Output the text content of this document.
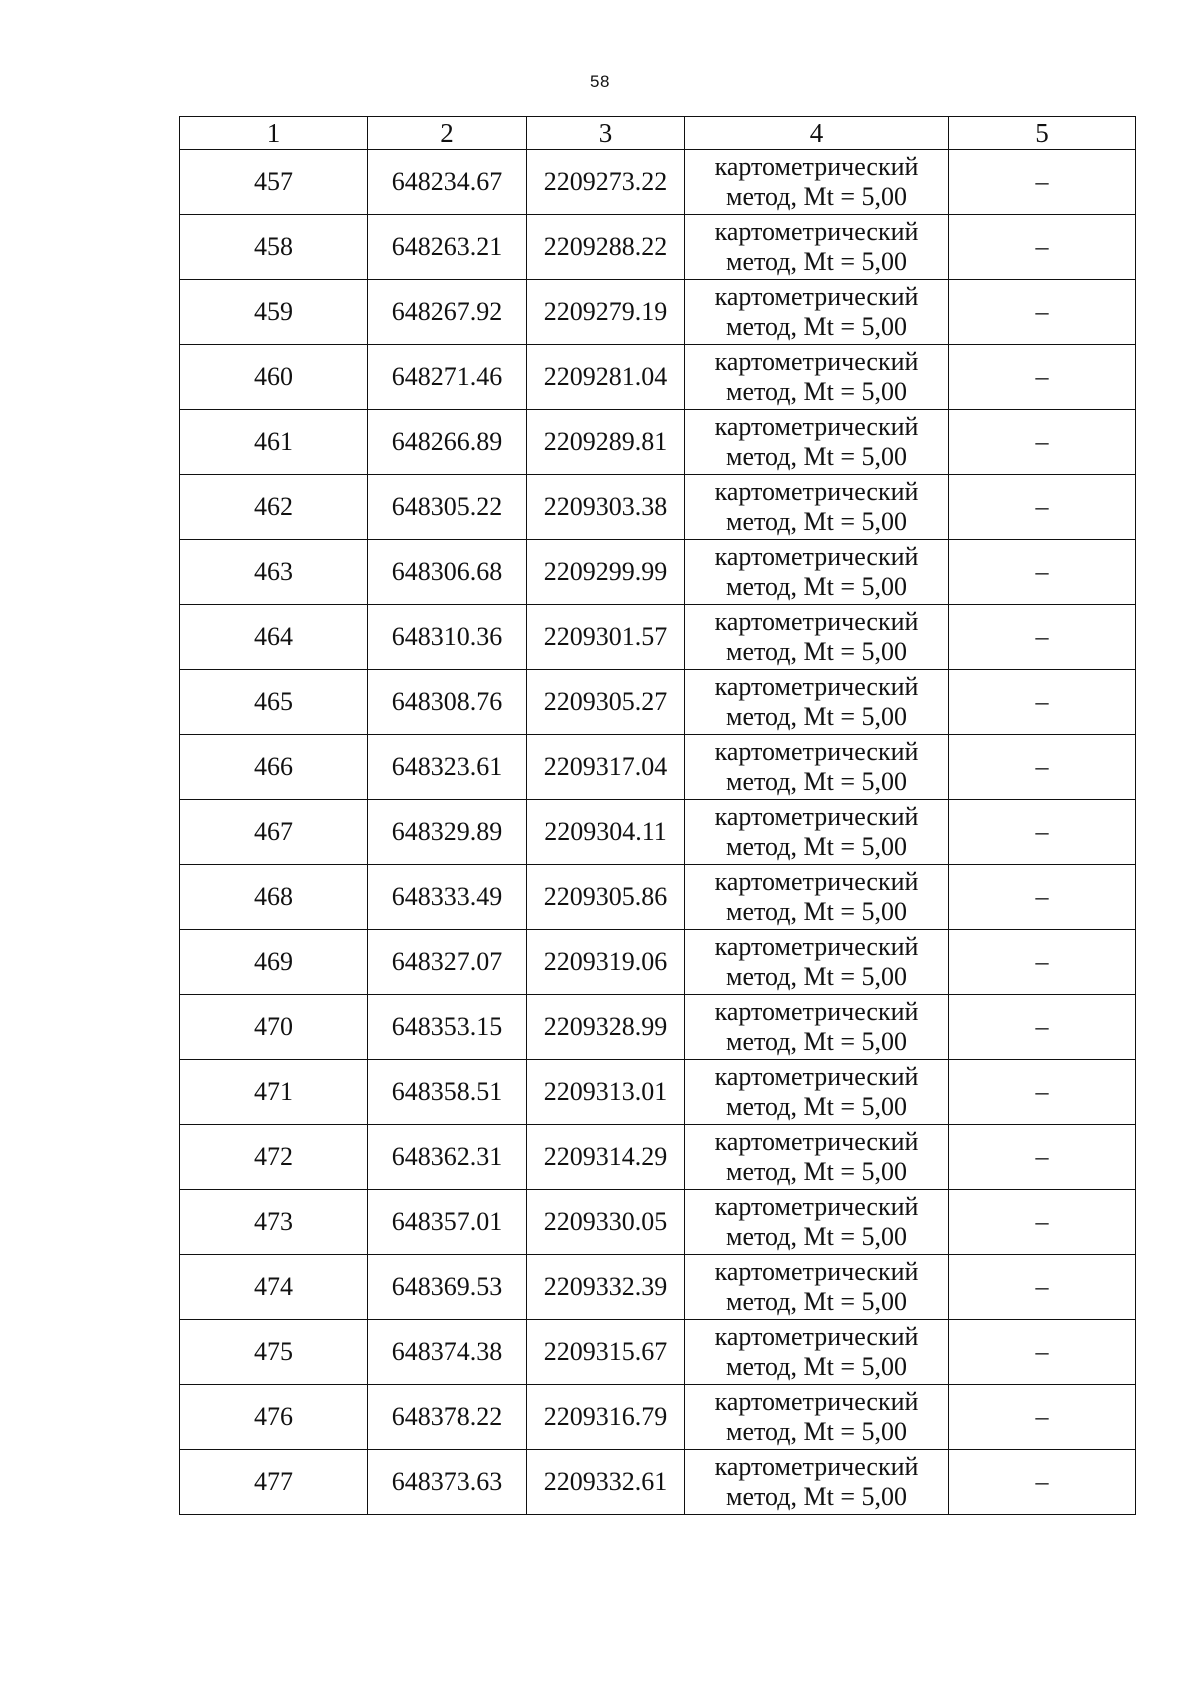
58
1	2	3	4	5
457	648234.67	2209273.22	картометрический
метод, Mt = 5,00	–
458	648263.21	2209288.22	картометрический
метод, Mt = 5,00	–
459	648267.92	2209279.19	картометрический
метод, Mt = 5,00	–
460	648271.46	2209281.04	картометрический
метод, Mt = 5,00	–
461	648266.89	2209289.81	картометрический
метод, Mt = 5,00	–
462	648305.22	2209303.38	картометрический
метод, Mt = 5,00	–
463	648306.68	2209299.99	картометрический
метод, Mt = 5,00	–
464	648310.36	2209301.57	картометрический
метод, Mt = 5,00	–
465	648308.76	2209305.27	картометрический
метод, Mt = 5,00	–
466	648323.61	2209317.04	картометрический
метод, Mt = 5,00	–
467	648329.89	2209304.11	картометрический
метод, Mt = 5,00	–
468	648333.49	2209305.86	картометрический
метод, Mt = 5,00	–
469	648327.07	2209319.06	картометрический
метод, Mt = 5,00	–
470	648353.15	2209328.99	картометрический
метод, Mt = 5,00	–
471	648358.51	2209313.01	картометрический
метод, Mt = 5,00	–
472	648362.31	2209314.29	картометрический
метод, Mt = 5,00	–
473	648357.01	2209330.05	картометрический
метод, Mt = 5,00	–
474	648369.53	2209332.39	картометрический
метод, Mt = 5,00	–
475	648374.38	2209315.67	картометрический
метод, Mt = 5,00	–
476	648378.22	2209316.79	картометрический
метод, Mt = 5,00	–
477	648373.63	2209332.61	картометрический
метод, Mt = 5,00	–
